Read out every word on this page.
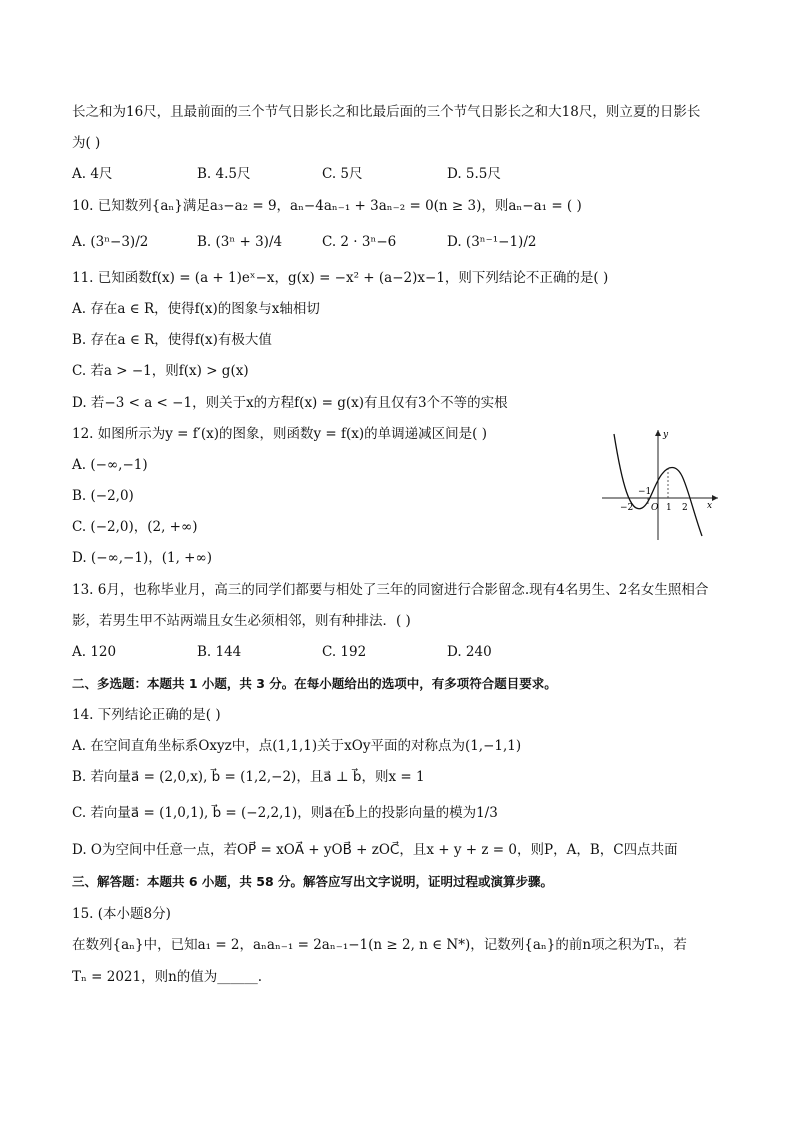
长之和为16尺，且最前面的三个节气日影长之和比最后面的三个节气日影长之和大18尺，则立夏的日影长
为( )
A. 4尺	B. 4.5尺	C. 5尺	D. 5.5尺
10. 已知数列{aₙ}满足a₃−a₂ = 9，aₙ−4aₙ₋₁ + 3aₙ₋₂ = 0(n ≥ 3)，则aₙ−a₁ = ( )
A. (3ⁿ−3)/2	B. (3ⁿ + 3)/4	C. 2 · 3ⁿ−6	D. (3ⁿ⁻¹−1)/2
11. 已知函数f(x) = (a + 1)eˣ−x，g(x) = −x² + (a−2)x−1，则下列结论不正确的是( )
A. 存在a ∈ R，使得f(x)的图象与x轴相切
B. 存在a ∈ R，使得f(x)有极大值
C. 若a > −1，则f(x) > g(x)
D. 若−3 < a < −1，则关于x的方程f(x) = g(x)有且仅有3个不等的实根
12. 如图所示为y = f′(x)的图象，则函数y = f(x)的单调递减区间是( )
A. (−∞,−1)
B. (−2,0)
C. (−2,0)，(2, +∞)
D. (−∞,−1)，(1, +∞)
y
x
−2
−1
O 1 2
13. 6月，也称毕业月，高三的同学们都要与相处了三年的同窗进行合影留念.现有4名男生、2名女生照相合
影，若男生甲不站两端且女生必须相邻，则有种排法．( )
A. 120	B. 144	C. 192	D. 240
二、多选题：本题共 1 小题，共 3 分。在每小题给出的选项中，有多项符合题目要求。
14. 下列结论正确的是( )
A. 在空间直角坐标系Oxyz中，点(1,1,1)关于xOy平面的对称点为(1,−1,1)
B. 若向量a⃗ = (2,0,x), b⃗ = (1,2,−2)，且a⃗ ⊥ b⃗，则x = 1
C. 若向量a⃗ = (1,0,1), b⃗ = (−2,2,1)，则a⃗在b⃗上的投影向量的模为1/3
D. O为空间中任意一点，若OP⃗ = xOA⃗ + yOB⃗ + zOC⃗，且x + y + z = 0，则P，A，B，C四点共面
三、解答题：本题共 6 小题，共 58 分。解答应写出文字说明，证明过程或演算步骤。
15. (本小题8分)
在数列{aₙ}中，已知a₁ = 2，aₙaₙ₋₁ = 2aₙ₋₁−1(n ≥ 2, n ∈ N*)，记数列{aₙ}的前n项之积为Tₙ，若
Tₙ = 2021，则n的值为______.
